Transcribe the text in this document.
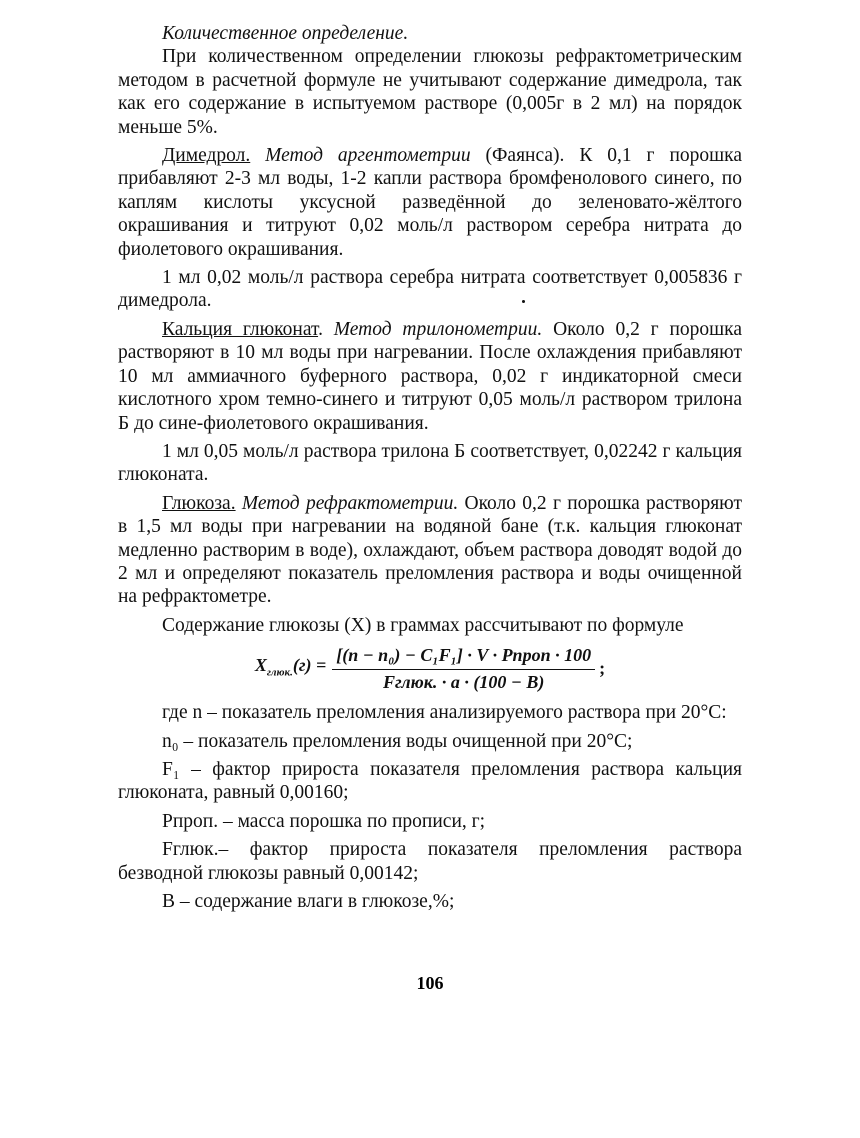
Количественное определение.

При количественном определении глюкозы рефрактометрическим методом в расчетной формуле не учитывают содержание димедрола, так как его содержание в испытуемом растворе (0,005г в 2 мл) на порядок меньше 5%.

Димедрол. Метод аргентометрии (Фаянса). К 0,1 г порошка прибавляют 2-3 мл воды, 1-2 капли раствора бромфенолового синего, по каплям кислоты уксусной разведённой до зеленовато-жёлтого окрашивания и титруют 0,02 моль/л раствором серебра нитрата до фиолетового окрашивания.

1 мл 0,02 моль/л раствора серебра нитрата соответствует 0,005836 г димедрола.

Кальция глюконат. Метод трилонометрии. Около 0,2 г порошка растворяют в 10 мл воды при нагревании. После охлаждения прибавляют 10 мл аммиачного буферного раствора, 0,02 г индикаторной смеси кислотного хром темно-синего и титруют 0,05 моль/л раствором трилона Б до сине-фиолетового окрашивания.

1 мл 0,05 моль/л раствора трилона Б соответствует, 0,02242 г кальция глюконата.

Глюкоза. Метод рефрактометрии. Около 0,2 г порошка растворяют в 1,5 мл воды при нагревании на водяной бане (т.к. кальция глюконат медленно растворим в воде), охлаждают, объем раствора доводят водой до 2 мл и определяют показатель преломления раствора и воды очищенной на рефрактометре.

Содержание глюкозы (X) в граммах рассчитывают по формуле

$X_{глюк.}(г) = \frac{\text{[(n − n₀) − C₁F₁] · V · Pпроп · 100}}{\text{Fглюк. · a · (100 − B)}}$ ;

где n – показатель преломления анализируемого раствора при 20°С:

n₀ – показатель преломления воды очищенной при 20°С;

F₁ – фактор прироста показателя преломления раствора кальция глюконата, равный 0,00160;

Pпроп. – масса порошка по прописи, г;

Fглюк.– фактор прироста показателя преломления раствора безводной глюкозы равный 0,00142;

B – содержание влаги в глюкозе,%;

106
